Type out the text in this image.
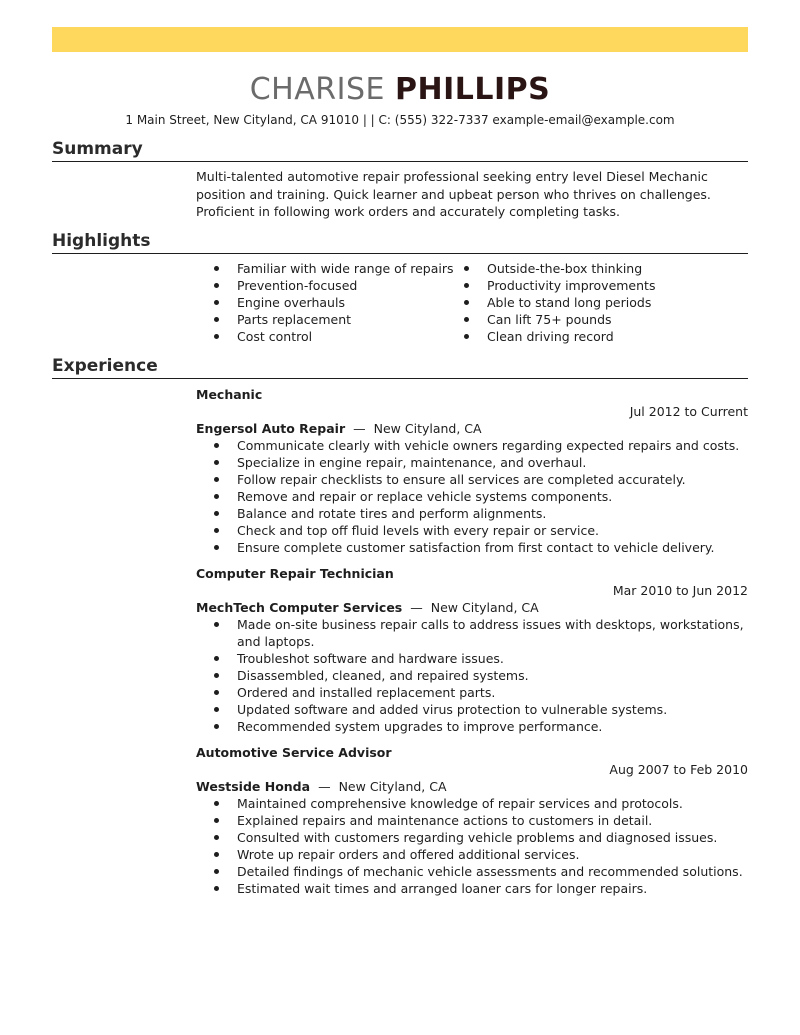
CHARISE PHILLIPS
1 Main Street, New Cityland, CA 91010 | | C: (555) 322-7337 example-email@example.com
Summary
Multi-talented automotive repair professional seeking entry level Diesel Mechanic position and training. Quick learner and upbeat person who thrives on challenges. Proficient in following work orders and accurately completing tasks.
Highlights
Familiar with wide range of repairs
Prevention-focused
Engine overhauls
Parts replacement
Cost control
Outside-the-box thinking
Productivity improvements
Able to stand long periods
Can lift 75+ pounds
Clean driving record
Experience
Mechanic
Jul 2012 to Current
Engersol Auto Repair — New Cityland, CA
Communicate clearly with vehicle owners regarding expected repairs and costs.
Specialize in engine repair, maintenance, and overhaul.
Follow repair checklists to ensure all services are completed accurately.
Remove and repair or replace vehicle systems components.
Balance and rotate tires and perform alignments.
Check and top off fluid levels with every repair or service.
Ensure complete customer satisfaction from first contact to vehicle delivery.
Computer Repair Technician
Mar 2010 to Jun 2012
MechTech Computer Services — New Cityland, CA
Made on-site business repair calls to address issues with desktops, workstations, and laptops.
Troubleshot software and hardware issues.
Disassembled, cleaned, and repaired systems.
Ordered and installed replacement parts.
Updated software and added virus protection to vulnerable systems.
Recommended system upgrades to improve performance.
Automotive Service Advisor
Aug 2007 to Feb 2010
Westside Honda — New Cityland, CA
Maintained comprehensive knowledge of repair services and protocols.
Explained repairs and maintenance actions to customers in detail.
Consulted with customers regarding vehicle problems and diagnosed issues.
Wrote up repair orders and offered additional services.
Detailed findings of mechanic vehicle assessments and recommended solutions.
Estimated wait times and arranged loaner cars for longer repairs.
